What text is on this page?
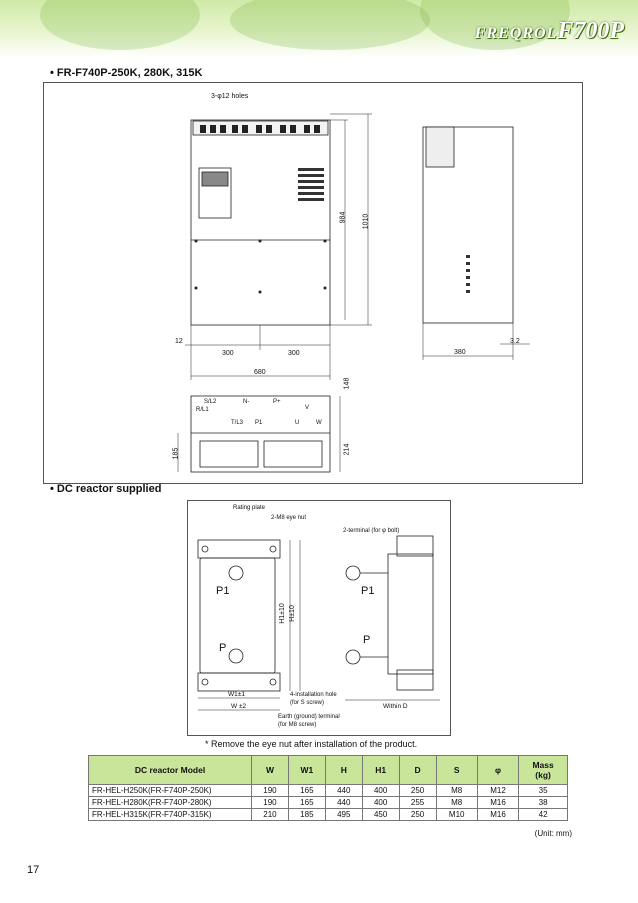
FREQROLF700P
• FR-F740P-250K, 280K, 315K
3-φ12 holes
984 1010
12
300	300
680
380
3.2
148
214
185
R/L1
S/L2
T/L3
N-
P1
P+
U
V
W
• DC reactor supplied
Rating plate
2-M8 eye nut
2-terminal (for φ bolt)
P1
P
P1
P
H1±10 H±10
W1±1
W ±2	Within D
4-installation hole
(for S screw)
Earth (ground) terminal
(for M8 screw)
* Remove the eye nut after installation of the product.
DC reactor Model	W	W1	H	H1	D	S	φ	Mass
(kg)
FR-HEL-H250K(FR-F740P-250K)	190	165	440	400	250	M8	M12	35
FR-HEL-H280K(FR-F740P-280K)	190	165	440	400	255	M8	M16	38
FR-HEL-H315K(FR-F740P-315K)	210	185	495	450	250	M10	M16	42
(Unit: mm)
17
